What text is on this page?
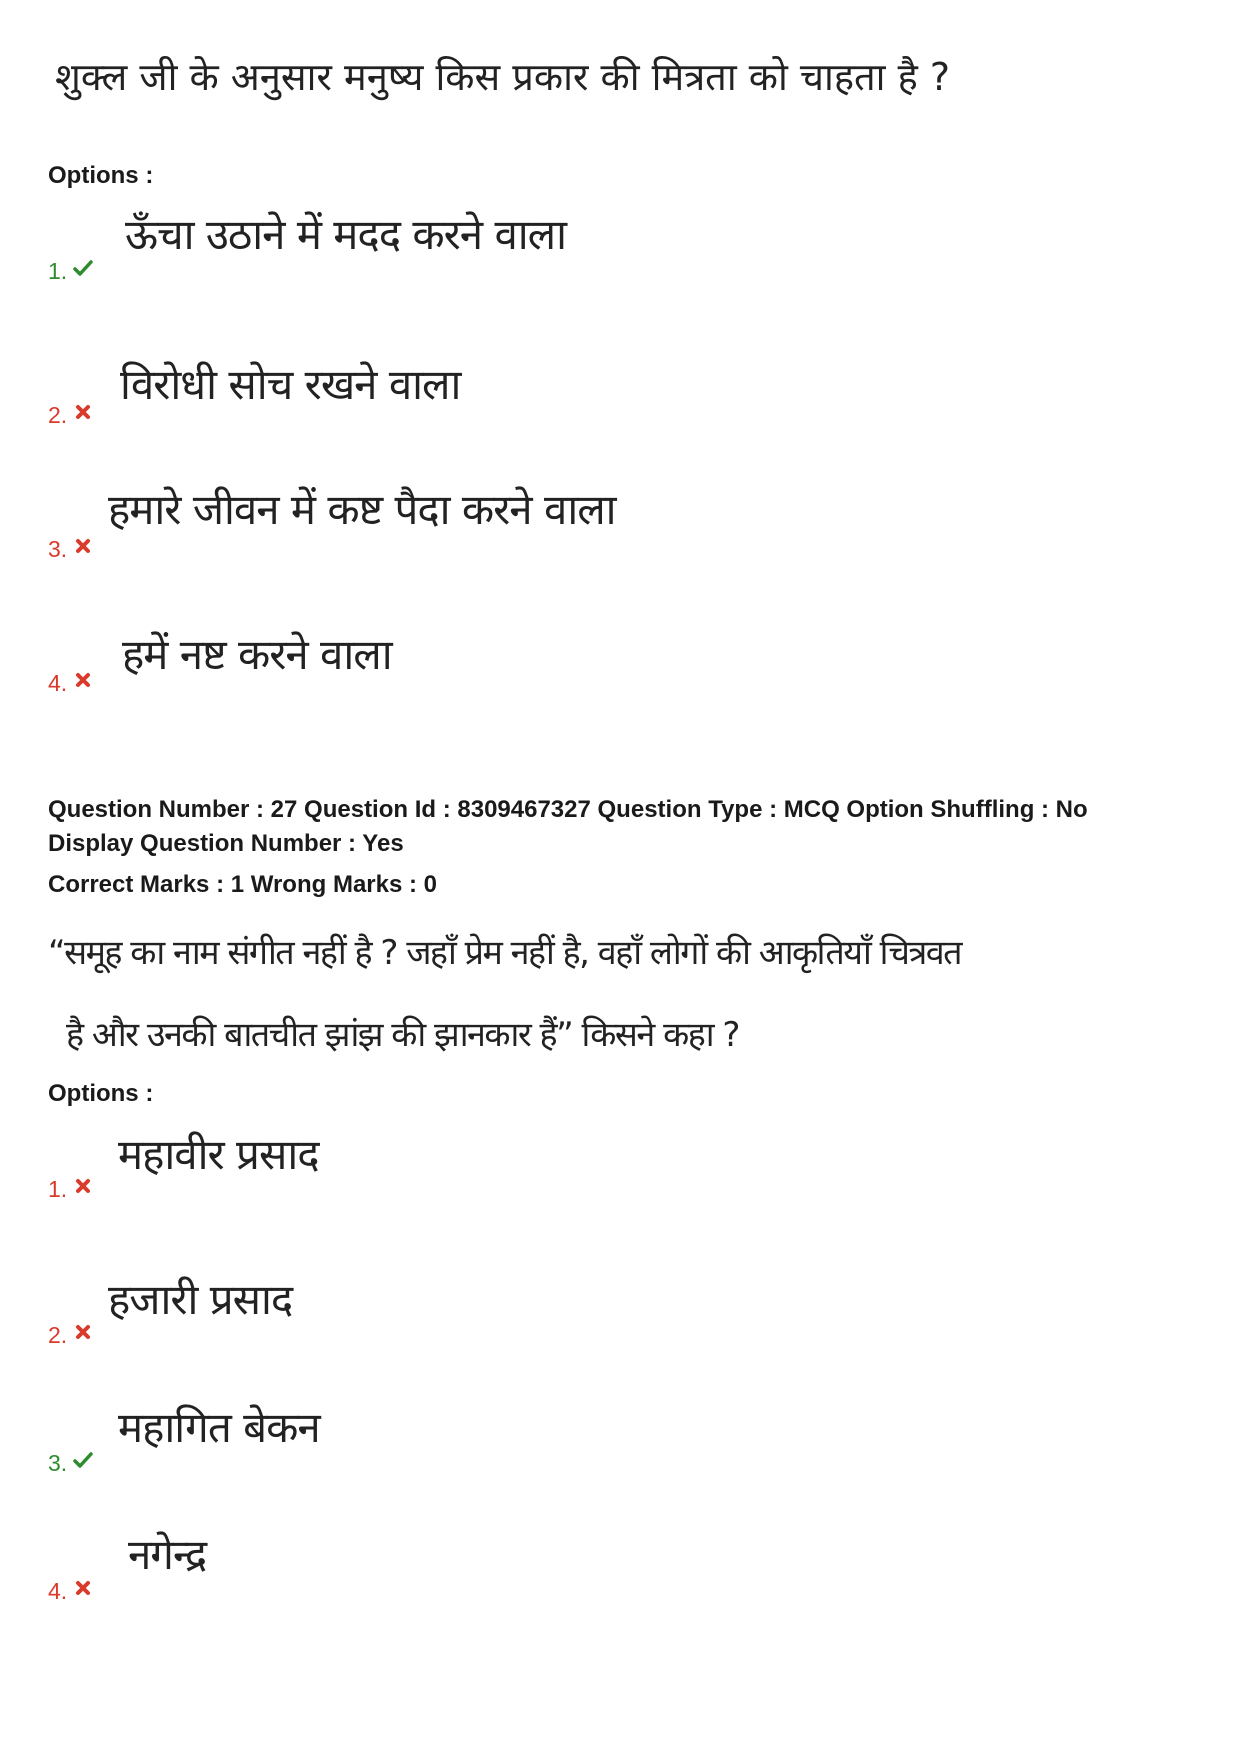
शुक्ल जी के अनुसार मनुष्य किस प्रकार की मित्रता को चाहता है ?
Options :
ऊँचा उठाने में मदद करने वाला
1.
विरोधी सोच रखने वाला
2.
हमारे जीवन में कष्ट पैदा करने वाला
3.
हमें नष्ट करने वाला
4.
Question Number : 27 Question Id : 8309467327 Question Type : MCQ Option Shuffling : No
Display Question Number : Yes
Correct Marks : 1 Wrong Marks : 0
“समूह का नाम संगीत नहीं है ? जहाँ प्रेम नहीं है, वहाँ लोगों की आकृतियाँ चित्रवत
है और उनकी बातचीत झांझ की झानकार हैं” किसने कहा ?
Options :
महावीर प्रसाद
1.
हजारी प्रसाद
2.
महागित बेकन
3.
नगेन्द्र
4.
